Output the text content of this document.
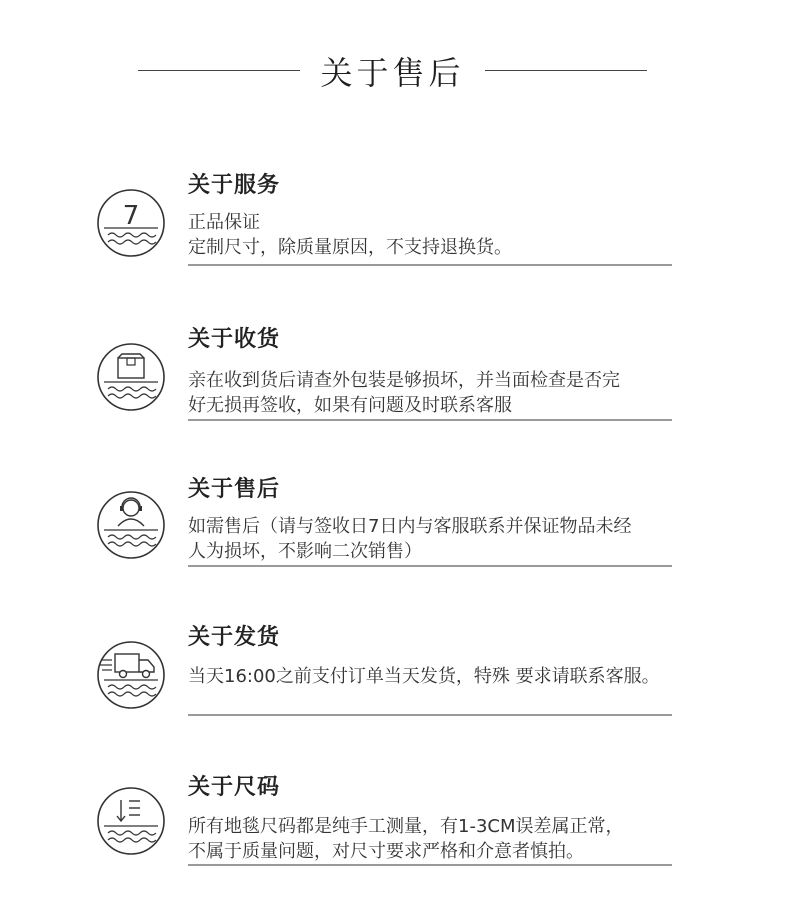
关于售后
7
关于服务
正品保证
定制尺寸，除质量原因，不支持退换货。
关于收货
亲在收到货后请查外包装是够损坏，并当面检查是否完
好无损再签收，如果有问题及时联系客服
关于售后
如需售后（请与签收日7日内与客服联系并保证物品未经
人为损坏，不影响二次销售）
关于发货
当天16:00之前支付订单当天发货，特殊 要求请联系客服。
关于尺码
所有地毯尺码都是纯手工测量，有1-3CM误差属正常，
不属于质量问题，对尺寸要求严格和介意者慎拍。
